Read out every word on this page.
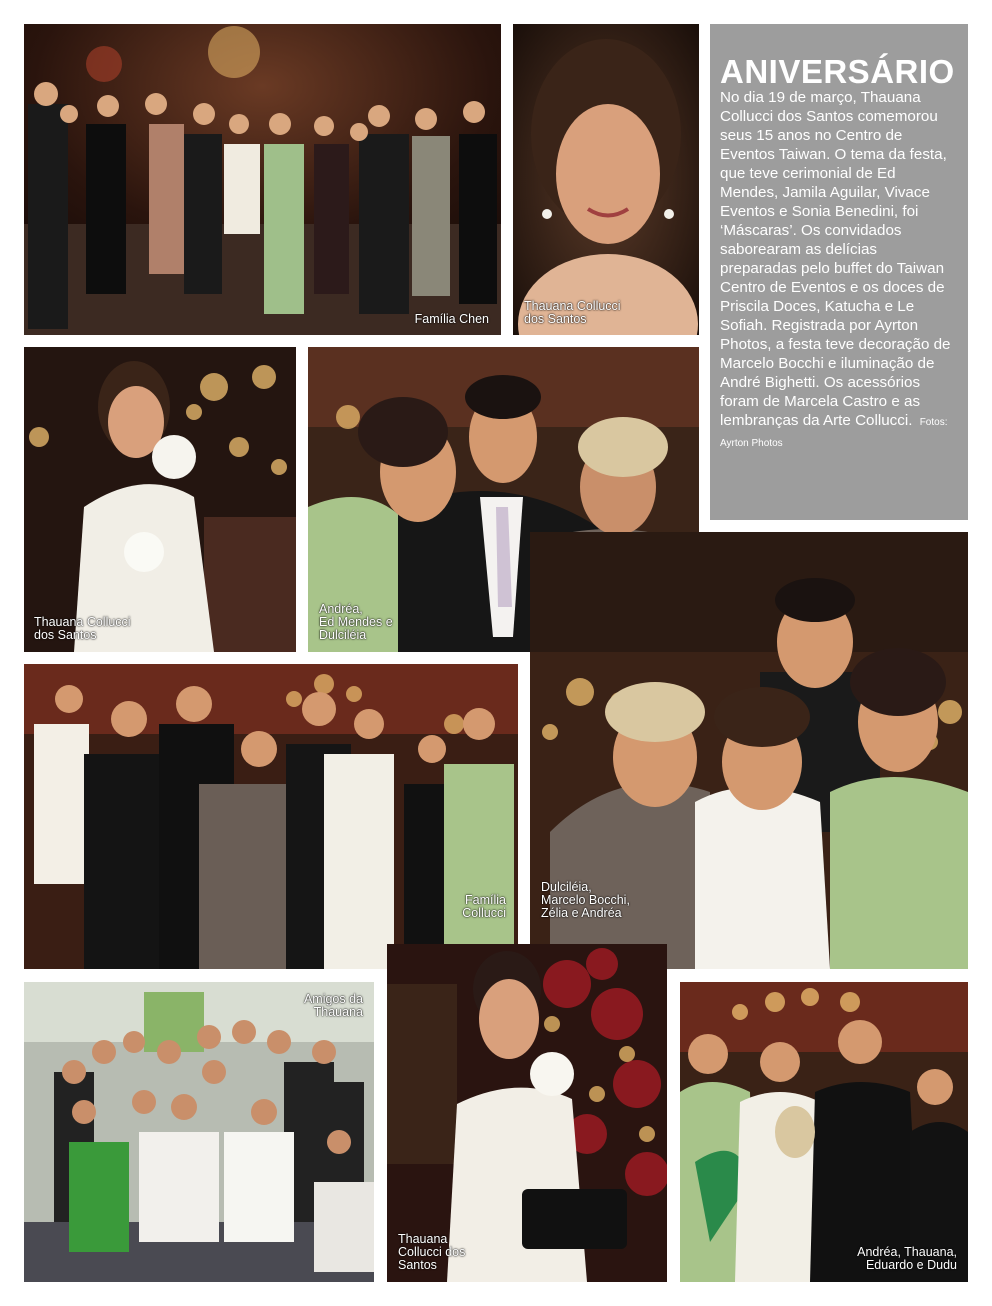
ANIVERSÁRIO
No dia 19 de março, Thauana Collucci dos Santos comemorou seus 15 anos no Centro de Eventos Taiwan. O tema da festa, que teve cerimonial de Ed Mendes, Jamila Aguilar, Vivace Eventos e Sonia Benedini, foi ‘Máscaras’. Os convidados saborearam as delícias preparadas pelo buffet do Taiwan Centro de Eventos e os doces de Priscila Doces, Katucha e Le Sofiah. Registrada por Ayrton Photos, a festa teve decoração de Marcelo Bocchi e iluminação de André Bighetti. Os acessórios foram de Marcela Castro e as lembranças da Arte Collucci. Fotos: Ayrton Photos
Família Chen
Thauana Collucci
dos Santos
Thauana Collucci
dos Santos
Andréa,
Ed Mendes e
Dulciléia
Família
Collucci
Dulciléia,
Marcelo Bocchi,
Zélia e Andréa
Amigos da
Thauana
Thauana
Collucci dos
Santos
Andréa, Thauana,
Eduardo e Dudu
